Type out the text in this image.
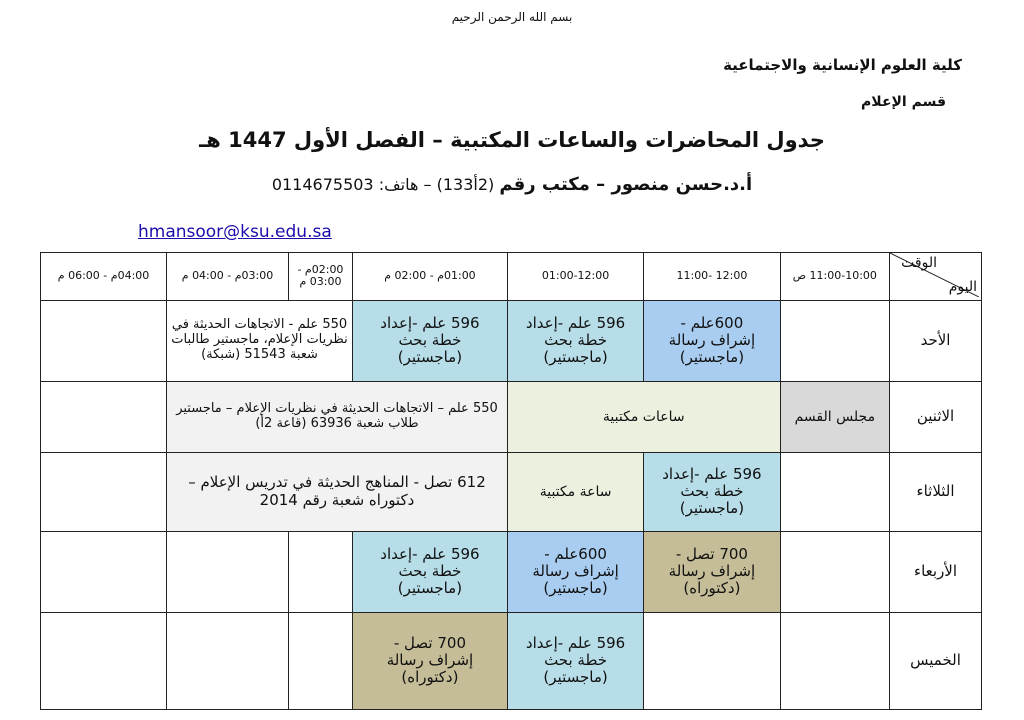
بسم الله الرحمن الرحيم
كلية العلوم الإنسانية والاجتماعية
قسم الإعلام
جدول المحاضرات والساعات المكتبية – الفصل الأول 1447 هـ
أ.د.حسن منصور – مكتب رقم (2أ133) – هاتف: 0114675503
hmansoor@ksu.edu.sa
الوقت
اليوم	11:00-10:00 ص	12:00 -11:00	01:00-12:00	01:00م - 02:00 م	02:00م - 03:00 م	03:00م - 04:00 م	04:00م - 06:00 م
الأحد		600علم -
إشراف رسالة
(ماجستير)	596 علم -إعداد
خطة بحث
(ماجستير)	596 علم -إعداد
خطة بحث
(ماجستير)	550 علم - الاتجاهات الحديثة في نظريات الإعلام، ماجستير طالبات شعبة 51543 (شبكة)		
الاثنين	مجلس القسم	ساعات مكتبية		550 علم – الاتجاهات الحديثة في نظريات الإعلام – ماجستير طلاب شعبة 63936 (قاعة 2أ)			
الثلاثاء		596 علم -إعداد
خطة بحث
(ماجستير)	ساعة مكتبية	612 تصل - المناهج الحديثة في تدريس الإعلام – دكتوراه شعبة رقم 2014			
الأربعاء		700 تصل -
إشراف رسالة
(دكتوراه)	600علم -
إشراف رسالة
(ماجستير)	596 علم -إعداد
خطة بحث
(ماجستير)			
الخميس			596 علم -إعداد
خطة بحث
(ماجستير)	700 تصل -
إشراف رسالة
(دكتوراه)			
